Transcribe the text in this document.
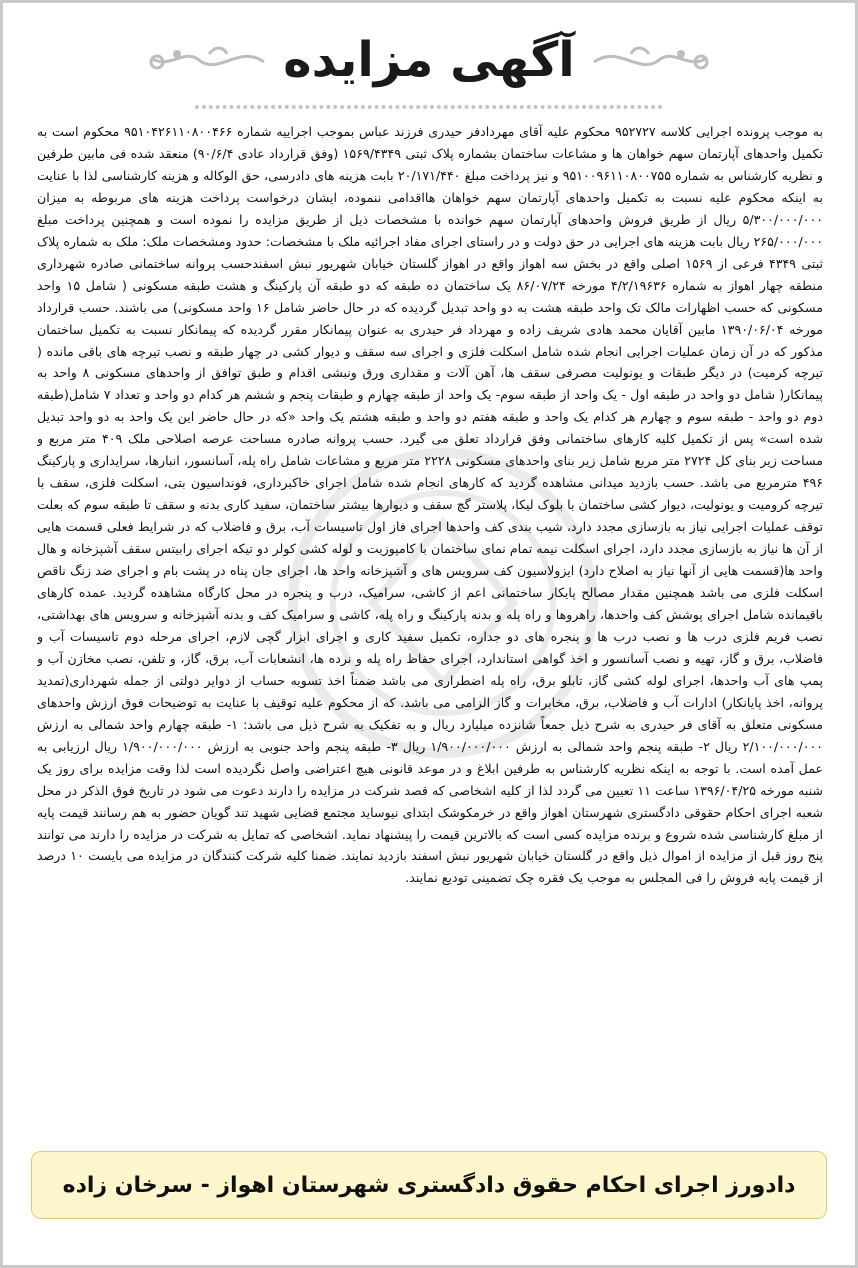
آگهی مزایده

به موجب پرونده اجرایی کلاسه ۹۵۲۷۲۷ محکوم علیه آقای مهردادفر حیدری فرزند عباس بموجب اجراییه شماره ۹۵۱۰۴۲۶۱۱۰۸۰۰۴۶۶ محکوم است به تکمیل واحدهای آپارتمان سهم خواهان ها و مشاعات ساختمان بشماره پلاک ثبتی ۱۵۶۹/۴۳۴۹ (وفق قرارداد عادی ۹۰/۶/۴) منعقد شده فی مابین طرفین و نظریه کارشناس به شماره ۹۵۱۰۰۹۶۱۱۰۸۰۰۷۵۵ و نیز پرداخت مبلغ ۲۰/۱۷۱/۴۴۰ بابت هزینه های دادرسی، حق الوکاله و هزینه کارشناسی لذا با عنایت به اینکه محکوم علیه نسبت به تکمیل واحدهای آپارتمان سهم خواهان هااقدامی ننموده، ایشان درخواست پرداخت هزینه های مربوطه به میزان ۵/۳۰۰/۰۰۰/۰۰۰ ریال از طریق فروش واحدهای آپارتمان سهم خوانده با مشخصات ذیل از طریق مزایده را نموده است و همچنین پرداخت مبلغ ۲۶۵/۰۰۰/۰۰۰ ریال بابت هزینه های اجرایی در حق دولت و در راستای اجرای مفاد اجرائیه ملک با مشخصات: حدود ومشخصات ملک: ملک به شماره پلاک ثبتی ۴۳۴۹ فرعی از ۱۵۶۹ اصلی واقع در بخش سه اهواز واقع در اهواز گلستان خیابان شهریور نبش اسفندحسب پروانه ساختمانی صادره شهرداری منطقه چهار اهواز به شماره ۴/۲/۱۹۶۳۶ مورخه ۸۶/۰۷/۲۴ یک ساختمان ده طبقه که دو طبقه آن پارکینگ و هشت طبقه مسکونی ( شامل ۱۵ واحد مسکونی که حسب اظهارات مالک تک واحد طبقه هشت به دو واحد تبدیل گردیده که در حال حاضر شامل ۱۶ واحد مسکونی) می باشند. حسب قرارداد مورخه ۱۳۹۰/۰۶/۰۴ مابین آقایان محمد هادی شریف زاده و مهرداد فر حیدری به عنوان پیمانکار مقرر گردیده که پیمانکار نسبت به تکمیل ساختمان مذکور که در آن زمان عملیات اجرایی انجام شده شامل اسکلت فلزی و اجرای سه سقف و دیوار کشی در چهار طبقه و نصب تیرچه های باقی مانده ( تیرچه کرمیت) در دیگر طبقات و یونولیت مصرفی سقف ها، آهن آلات و مقداری ورق ونبشی اقدام و طبق توافق از واحدهای مسکونی ۸ واحد به پیمانکار( شامل دو واحد در طبقه اول - یک واحد از طبقه سوم- یک واحد از طبقه چهارم و طبقات پنجم و ششم هر کدام دو واحد و تعداد ۷ شامل(طبقه دوم دو واحد - طبقه سوم و چهارم هر کدام یک واحد و طبقه هفتم دو واحد و طبقه هشتم یک واحد «که در حال حاضر این یک واحد به دو واحد تبدیل شده است» پس از تکمیل کلیه کارهای ساختمانی وفق قرارداد تعلق می گیرد. حسب پروانه صادره مساحت عرصه اصلاحی ملک ۴۰۹ متر مربع و مساحت زیر بنای کل ۲۷۲۴ متر مربع شامل زیر بنای واحدهای مسکونی ۲۲۲۸ متر مربع و مشاعات شامل راه پله، آسانسور، انبارها، سرایداری و پارکینگ ۴۹۶ مترمربع می باشد. حسب بازدید میدانی مشاهده گردید که کارهای انجام شده شامل اجرای خاکبرداری، فونداسیون بتی، اسکلت فلزی، سقف با تیرچه کرومیت و یونولیت، دیوار کشی ساختمان با بلوک لیکا، پلاستر گچ سقف و دیوارها بیشتر ساختمان، سفید کاری بدنه و سقف تا طبقه سوم که بعلت توقف عملیات اجرایی نیاز به بازسازی مجدد دارد، شیب بندی کف واحدها اجرای فاز اول تاسیسات آب، برق و فاضلاب که در شرایط فعلی قسمت هایی از آن ها نیاز به بازسازی مجدد دارد، اجرای اسکلت نیمه تمام نمای ساختمان با کامپوزیت و لوله کشی کولر دو تیکه اجرای رابیتس سقف آشپزخانه و هال واحد ها(قسمت هایی از آنها نیاز به اصلاح دارد) ایزولاسیون کف سرویس های و آشپزخانه واحد ها، اجرای جان پناه در پشت بام و اجرای ضد زنگ ناقص اسکلت فلزی می باشد همچنین مقدار مصالح پایکار ساختمانی اعم از کاشی، سرامیک، درب و پنجره در محل کارگاه مشاهده گردید. عمده کارهای باقیمانده شامل اجرای پوشش کف واحدها، راهروها و راه پله و بدنه پارکینگ و راه پله، کاشی و سرامیک کف و بدنه آشپزخانه و سرویس های بهداشتی، نصب فریم فلزی درب ها و نصب درب ها و پنجره های دو جداره، تکمیل سفید کاری و اجرای ابزار گچی لازم، اجرای مرحله دوم تاسیسات آب و فاضلاب، برق و گاز، تهیه و نصب آسانسور و اخذ گواهی استاندارد، اجرای حفاظ راه پله و نرده ها، انشعابات آب، برق، گاز، و تلفن، نصب مخازن آب و پمپ های آب واحدها، اجرای لوله کشی گاز، تابلو برق، راه پله اضطراری می باشد ضمناً اخذ تسویه حساب از دوایر دولتی از جمله شهرداری(تمدید پروانه، اخذ پایانکار) ادارات آب و فاضلاب، برق، مخابرات و گاز الزامی می باشد. که از محکوم علیه توقیف با عنایت به توضیحات فوق ارزش واحدهای مسکونی متعلق به آقای فر حیدری به شرح ذیل جمعاً شانزده میلیارد ریال و به تفکیک به شرح ذیل می باشد: ۱- طبقه چهارم واحد شمالی به ارزش ۲/۱۰۰/۰۰۰/۰۰۰ ریال ۲- طبقه پنجم واحد شمالی به ارزش ۱/۹۰۰/۰۰۰/۰۰۰ ریال ۳- طبقه پنجم واحد جنوبی به ارزش ۱/۹۰۰/۰۰۰/۰۰۰ ریال ارزیابی به عمل آمده است. با توجه به اینکه نظریه کارشناس به طرفین ابلاغ و در موعد قانونی هیچ اعتراضی واصل نگردیده است لذا وقت مزایده برای روز یک شنبه مورخه ۱۳۹۶/۰۴/۲۵ ساعت ۱۱ تعیین می گردد لذا از کلیه اشخاصی که قصد شرکت در مزایده را دارند دعوت می شود در تاریخ فوق الذکر در محل شعبه اجرای احکام حقوقی دادگستری شهرستان اهواز واقع در خرمکوشک ابتدای نیوساید مجتمع قضایی شهید تند گویان حضور به هم رسانند قیمت پایه از مبلغ کارشناسی شده شروع و برنده مزایده کسی است که بالاترین قیمت را پیشنهاد نماید. اشخاصی که تمایل به شرکت در مزایده را دارند می توانند پنج روز قبل از مزایده از اموال ذیل واقع در گلستان خیابان شهریور نبش اسفند بازدید نمایند. ضمنا کلیه شرکت کنندگان در مزایده می بایست ۱۰ درصد از قیمت پایه فروش را فی المجلس به موجب یک فقره چک تضمینی تودیع نمایند.

دادورز اجرای احکام حقوق دادگستری شهرستان اهواز - سرخان زاده
